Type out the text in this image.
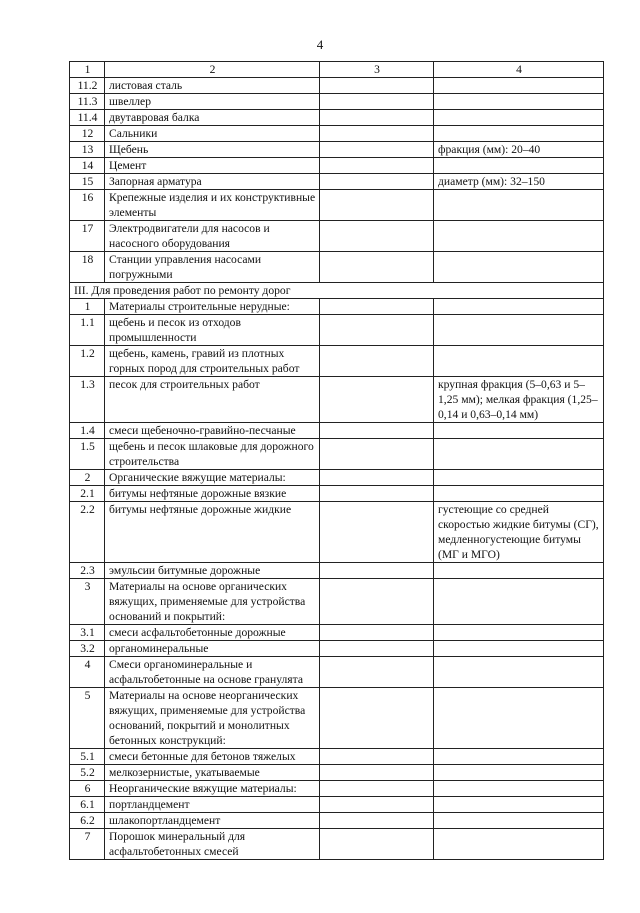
4
1	2	3	4
11.2	листовая сталь		
11.3	швеллер		
11.4	двутавровая балка		
12	Сальники		
13	Щебень		фракция (мм): 20–40
14	Цемент		
15	Запорная арматура		диаметр (мм): 32–150
16	Крепежные изделия и их конструктивные элементы		
17	Электродвигатели для насосов и насосного оборудования		
18	Станции управления насосами погружными		
III. Для проведения работ по ремонту дорог			
1	Материалы строительные нерудные:		
1.1	щебень и песок из отходов промышленности		
1.2	щебень, камень, гравий из плотных горных пород для строительных работ		
1.3	песок для строительных работ		крупная фракция (5–0,63 и 5–1,25 мм); мелкая фракция (1,25–0,14 и 0,63–0,14 мм)
1.4	смеси щебеночно-гравийно-песчаные		
1.5	щебень и песок шлаковые для дорожного строительства		
2	Органические вяжущие материалы:		
2.1	битумы нефтяные дорожные вязкие		
2.2	битумы нефтяные дорожные жидкие		густеющие со средней скоростью жидкие битумы (СГ), медленногустеющие битумы (МГ и МГО)
2.3	эмульсии битумные дорожные		
3	Материалы на основе органических вяжущих, применяемые для устройства оснований и покрытий:		
3.1	смеси асфальтобетонные дорожные		
3.2	органоминеральные		
4	Смеси органоминеральные и асфальтобетонные на основе гранулята		
5	Материалы на основе неорганических вяжущих, применяемые для устройства оснований, покрытий и монолитных бетонных конструкций:		
5.1	смеси бетонные для бетонов тяжелых		
5.2	мелкозернистые, укатываемые		
6	Неорганические вяжущие материалы:		
6.1	портландцемент		
6.2	шлакопортландцемент		
7	Порошок минеральный для асфальтобетонных смесей		
